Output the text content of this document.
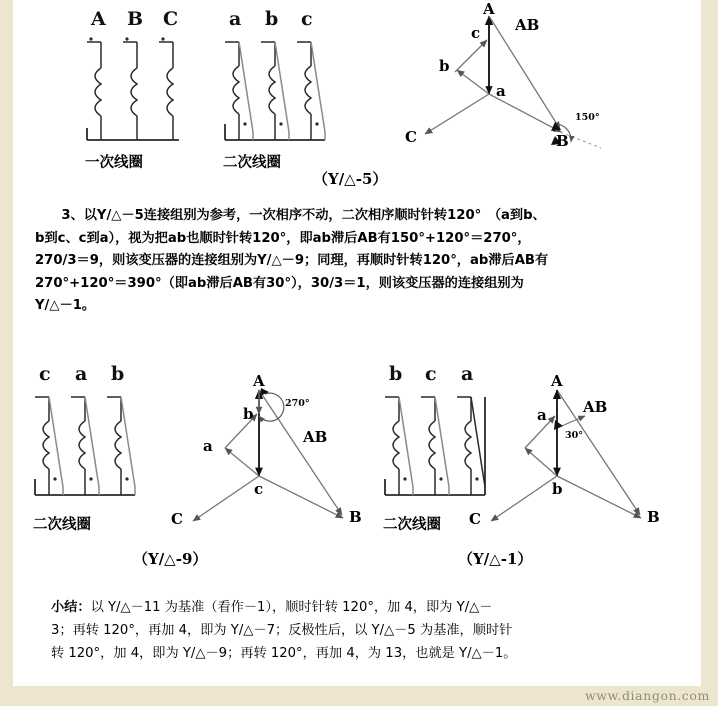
A B C
一次线圈
a b c
二次线圈
A
B
C
a
b
c AB
150°
（Y/△-5）
　　3、以Y/△－5连接组别为参考，一次相序不动，二次相序顺时针转120°　（a到b、
b到c、c到a），视为把ab也顺时针转120°，即ab滞后AB有150°+120°＝270°，
270/3＝9，则该变压器的连接组别为Y/△－9；同理，再顺时针转120°，ab滞后AB有
270°+120°＝390°（即ab滞后AB有30°），30/3＝1，则该变压器的连接组别为
Y/△－1。
c a b
二次线圈
A
B
C
a
b
c
AB
270°
（Y/△-9）
b c a
二次线圈
A
B
C
a
b
AB
30°
（Y/△-1）
小结：以 Y/△－11 为基准（看作－1），顺时针转 120°，加 4，即为 Y/△－
3；再转 120°，再加 4，即为 Y/△－7；反极性后，以 Y/△－5 为基准，顺时针
转 120°，加 4，即为 Y/△－9；再转 120°，再加 4，为 13，也就是 Y/△－1。
www.diangon.com
